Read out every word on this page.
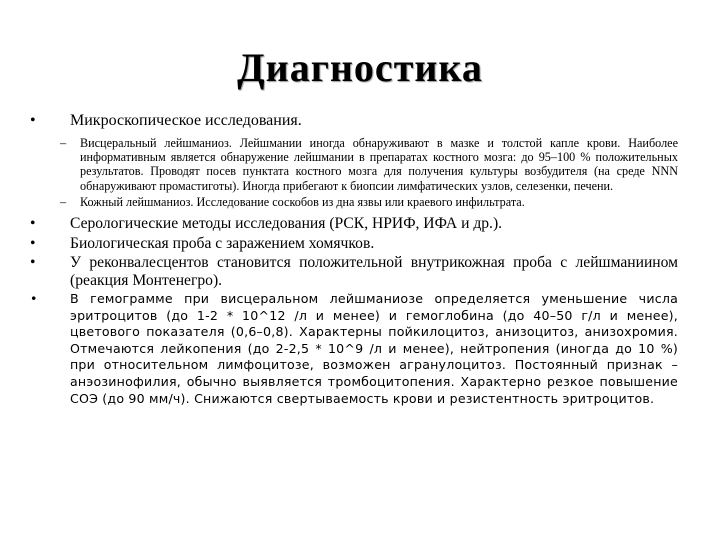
Диагностика
• Микроскопическое исследования.
– Висцеральный лейшманиоз. Лейшмании иногда обнаруживают в мазке и толстой капле крови. Наиболее информативным является обнаружение лейшмании в препаратах костного мозга: до 95–100 % положительных результатов. Проводят посев пунктата костного мозга для получения культуры возбудителя (на среде NNN обнаруживают промастиготы). Иногда прибегают к биопсии лимфатических узлов, селезенки, печени.
– Кожный лейшманиоз. Исследование соскобов из дна язвы или краевого инфильтрата.
• Серологические методы исследования (РСК, НРИФ, ИФА и др.).
• Биологическая проба с заражением хомячков.
• У реконвалесцентов становится положительной внутрикожная проба с лейшманиином (реакция Монтенегро).
•	В гемограмме при висцеральном лейшманиозе определяется уменьшение числа эритроцитов (до 1‑2 * 10^12 /л и менее) и гемоглобина (до 40–50 г/л и менее), цветового показателя (0,6–0,8). Характерны пойкилоцитоз, анизоцитоз, анизохромия. Отмечаются лейкопения (до 2‑2,5 * 10^9 /л и менее), нейтропения (иногда до 10 %) при относительном лимфоцитозе, возможен агранулоцитоз. Постоянный признак – анэозинофилия, обычно выявляется тромбоцитопения. Характерно резкое повышение СОЭ (до 90 мм/ч). Снижаются свертываемость крови и резистентность эритроцитов.
